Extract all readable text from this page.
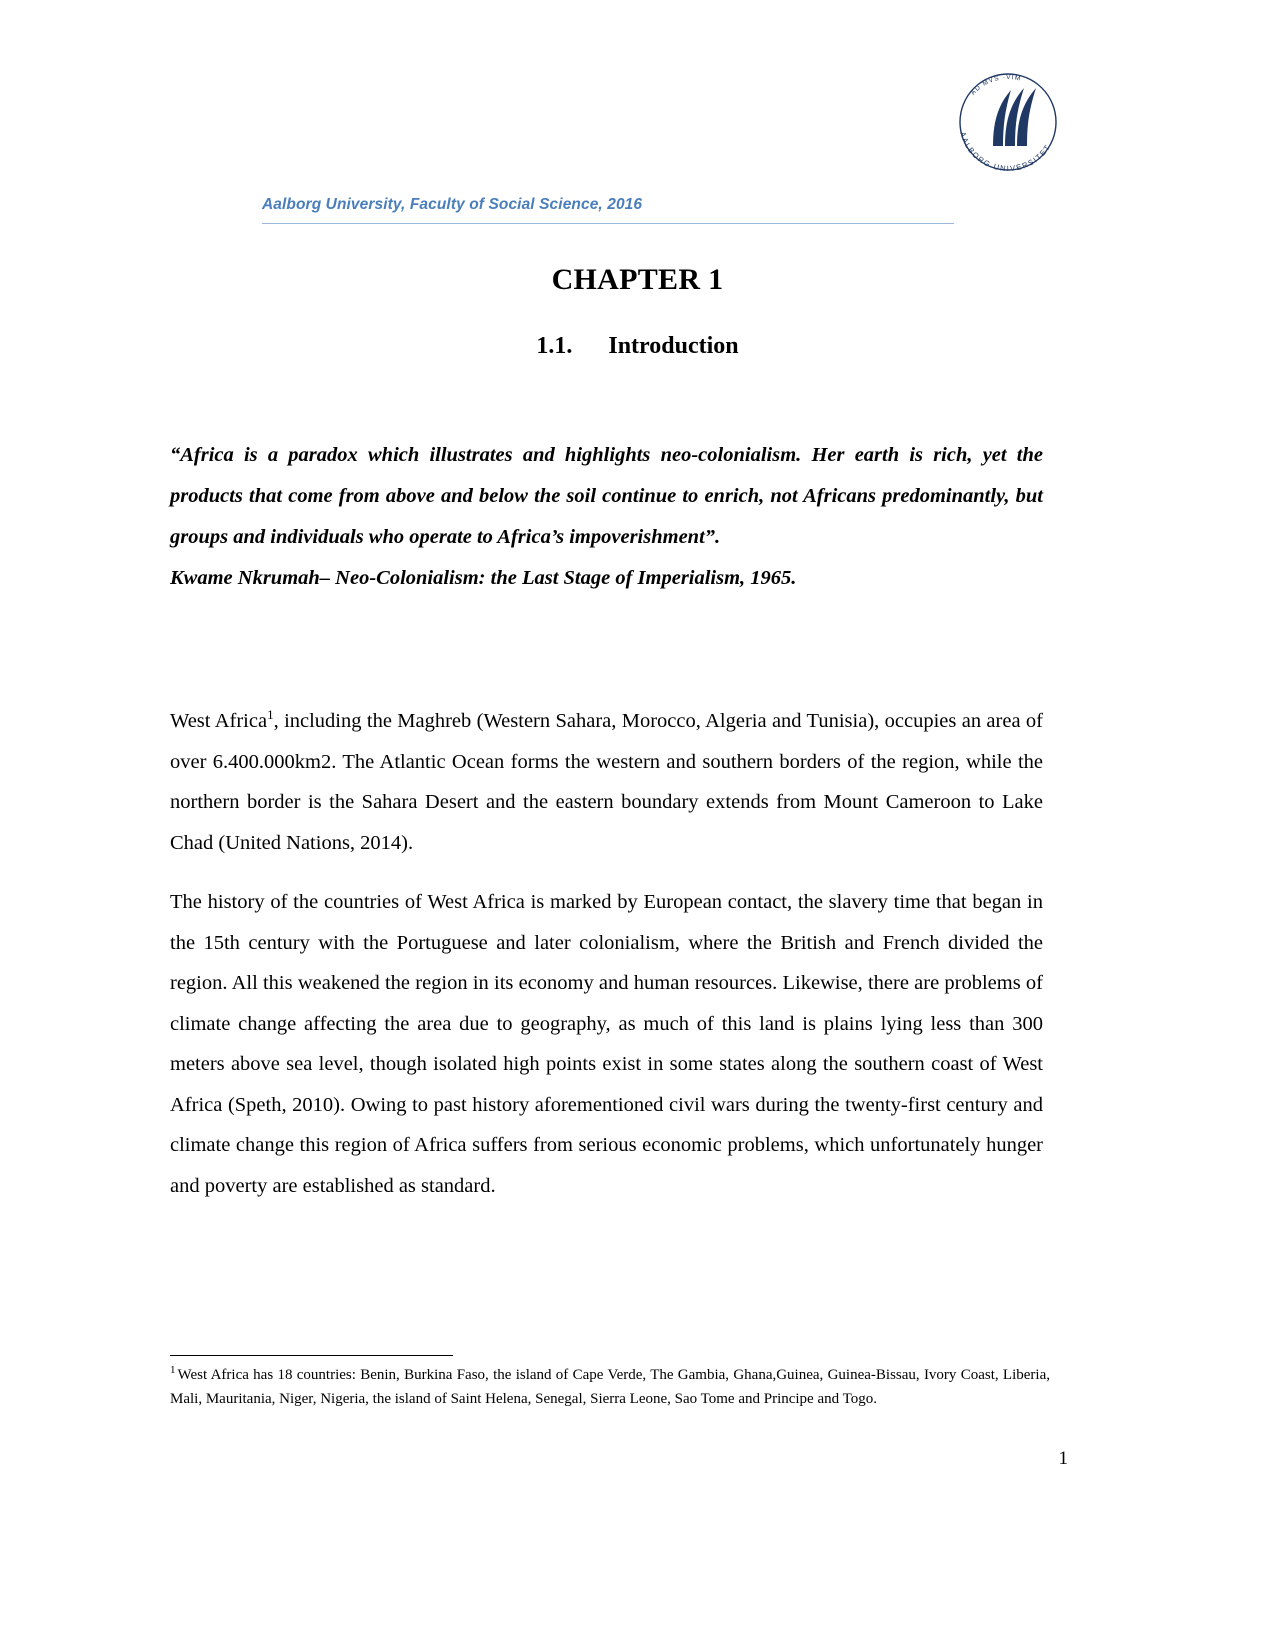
AD MVS ·VIM
AALBORG UNIVERSITET
Aalborg University, Faculty of Social Science, 2016
CHAPTER 1
1.1. Introduction
“Africa is a paradox which illustrates and highlights neo-colonialism. Her earth is rich, yet the products that come from above and below the soil continue to enrich, not Africans predominantly, but groups and individuals who operate to Africa’s impoverishment”.
Kwame Nkrumah– Neo-Colonialism: the Last Stage of Imperialism, 1965.

West Africa$^1$, including the Maghreb (Western Sahara, Morocco, Algeria and Tunisia), occupies an area of over 6.400.000km2. The Atlantic Ocean forms the western and southern borders of the region, while the northern border is the Sahara Desert and the eastern boundary extends from Mount Cameroon to Lake Chad (United Nations, 2014).

The history of the countries of West Africa is marked by European contact, the slavery time that began in the 15th century with the Portuguese and later colonialism, where the British and French divided the region. All this weakened the region in its economy and human resources. Likewise, there are problems of climate change affecting the area due to geography, as much of this land is plains lying less than 300 meters above sea level, though isolated high points exist in some states along the southern coast of West Africa (Speth, 2010). Owing to past history aforementioned civil wars during the twenty-first century and climate change this region of Africa suffers from serious economic problems, which unfortunately hunger and poverty are established as standard.

$^1$ West Africa has 18 countries: Benin, Burkina Faso, the island of Cape Verde, The Gambia, Ghana,Guinea, Guinea-Bissau, Ivory Coast, Liberia, Mali, Mauritania, Niger, Nigeria, the island of Saint Helena, Senegal, Sierra Leone, Sao Tome and Principe and Togo.
1
